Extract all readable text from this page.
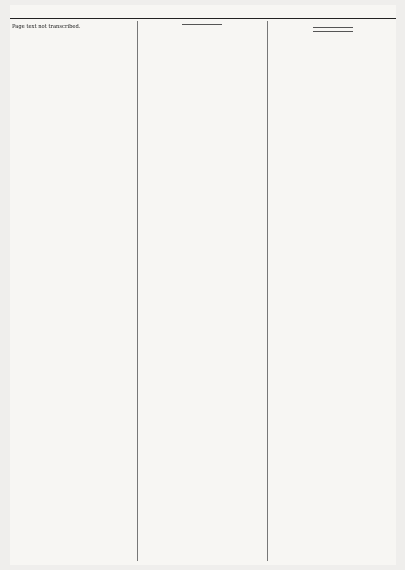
Page text not transcribed.
